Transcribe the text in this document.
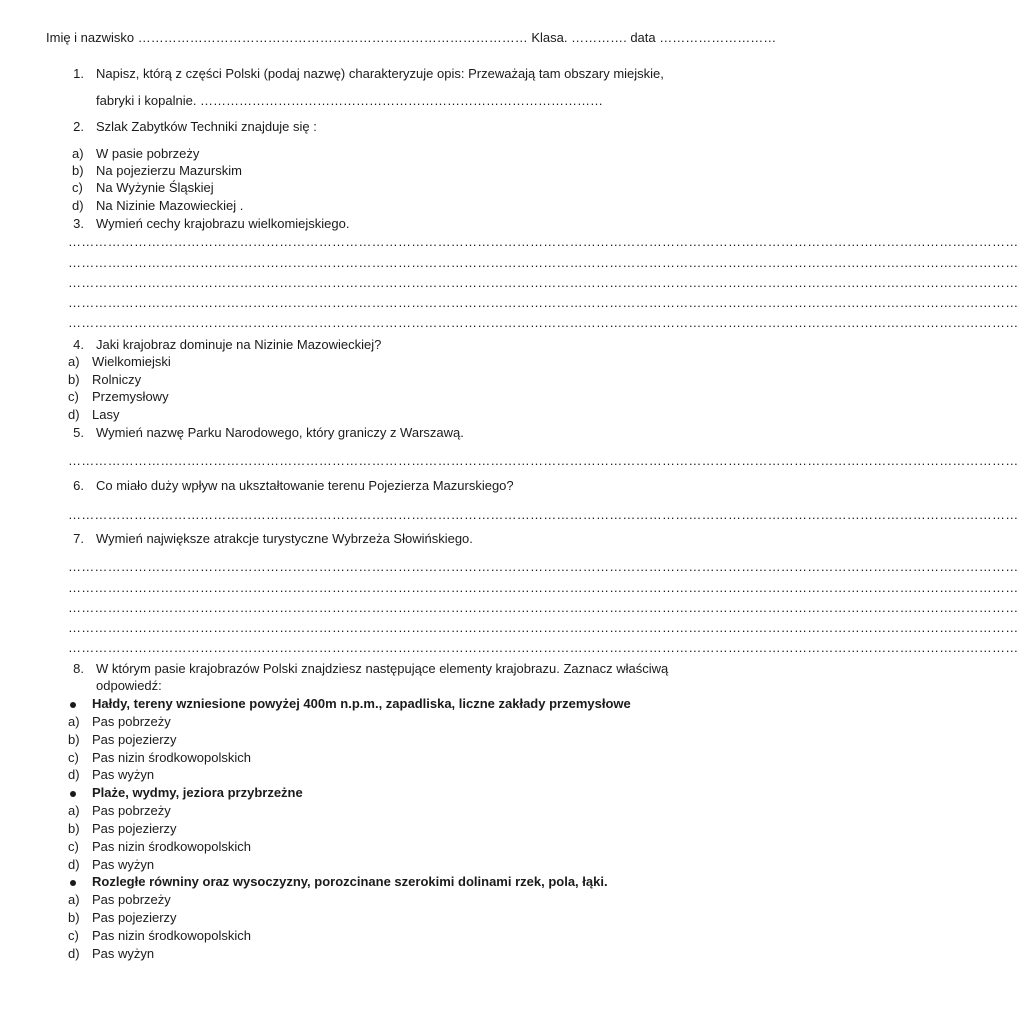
Imię i nazwisko ……………………………………………………………………………… Klasa. …………. data ………………………
1. Napisz, którą z części Polski (podaj nazwę) charakteryzuje opis: Przeważają tam obszary miejskie,
fabryki i kopalnie. …………………………………………………………………………………
2. Szlak Zabytków Techniki znajduje się :
a) W pasie pobrzeży
b) Na pojezierzu Mazurskim
c)	Na Wyżynie Śląskiej
d) Na Nizinie Mazowieckiej .
3. Wymień cechy krajobrazu wielkomiejskiego.
………………………………………………………………………………………………………………………………………………………………………………………………
………………………………………………………………………………………………………………………………………………………………………………………………
………………………………………………………………………………………………………………………………………………………………………………………………
………………………………………………………………………………………………………………………………………………………………………………………………
………………………………………………………………………………………………………………………………………………………………………………………………
4. Jaki krajobraz dominuje na Nizinie Mazowieckiej?
a) Wielkomiejski
b) Rolniczy
c)	Przemysłowy
d) Lasy
5. Wymień nazwę Parku Narodowego, który graniczy z Warszawą.
………………………………………………………………………………………………………………………………………………………………………………………………
6. Co miało duży wpływ na ukształtowanie terenu Pojezierza Mazurskiego?
………………………………………………………………………………………………………………………………………………………………………………………………
7. Wymień największe atrakcje turystyczne Wybrzeża Słowińskiego.
………………………………………………………………………………………………………………………………………………………………………………………………
………………………………………………………………………………………………………………………………………………………………………………………………
………………………………………………………………………………………………………………………………………………………………………………………………
………………………………………………………………………………………………………………………………………………………………………………………………
………………………………………………………………………………………………………………………………………………………………………………………………
8. W którym pasie krajobrazów Polski znajdziesz następujące elementy krajobrazu. Zaznacz właściwą
odpowiedź:
Hałdy, tereny wzniesione powyżej 400m n.p.m., zapadliska, liczne zakłady przemysłowe
a) Pas pobrzeży
b) Pas pojezierzy
c)	Pas nizin środkowopolskich
d) Pas wyżyn
Plaże, wydmy, jeziora przybrzeżne
a) Pas pobrzeży
b) Pas pojezierzy
c)	Pas nizin środkowopolskich
d) Pas wyżyn
Rozległe równiny oraz wysoczyzny, porozcinane szerokimi dolinami rzek, pola, łąki.
a) Pas pobrzeży
b) Pas pojezierzy
c)	Pas nizin środkowopolskich
d) Pas wyżyn
